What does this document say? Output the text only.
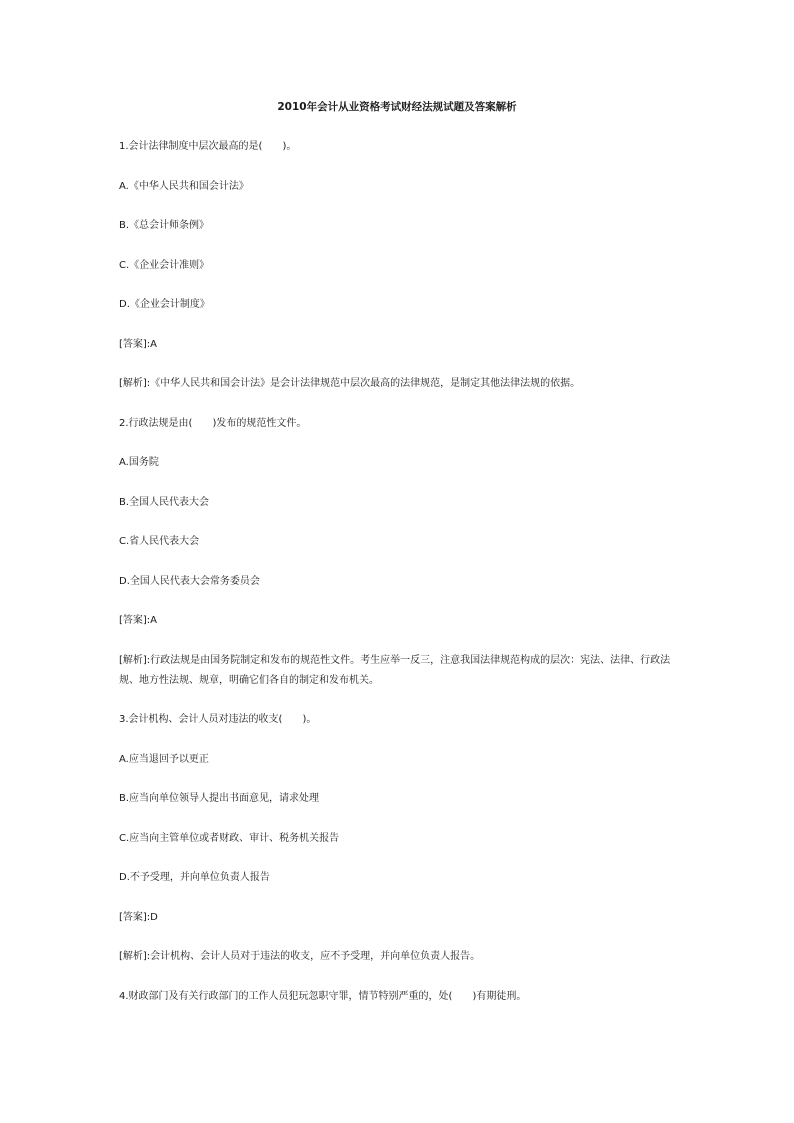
2010年会计从业资格考试财经法规试题及答案解析
1.会计法律制度中层次最高的是(　　)。
A.《中华人民共和国会计法》
B.《总会计师条例》
C.《企业会计准则》
D.《企业会计制度》
[答案]:A
[解析]:《中华人民共和国会计法》是会计法律规范中层次最高的法律规范，是制定其他法律法规的依据。
2.行政法规是由(　　)发布的规范性文件。
A.国务院
B.全国人民代表大会
C.省人民代表大会
D.全国人民代表大会常务委员会
[答案]:A
[解析]:行政法规是由国务院制定和发布的规范性文件。考生应举一反三，注意我国法律规范构成的层次：宪法、法律、行政法规、地方性法规、规章，明确它们各自的制定和发布机关。
3.会计机构、会计人员对违法的收支(　　)。
A.应当退回予以更正
B.应当向单位领导人提出书面意见，请求处理
C.应当向主管单位或者财政、审计、税务机关报告
D.不予受理，并向单位负责人报告
[答案]:D
[解析]:会计机构、会计人员对于违法的收支，应不予受理，并向单位负责人报告。
4.财政部门及有关行政部门的工作人员犯玩忽职守罪，情节特别严重的，处(　　)有期徒刑。
